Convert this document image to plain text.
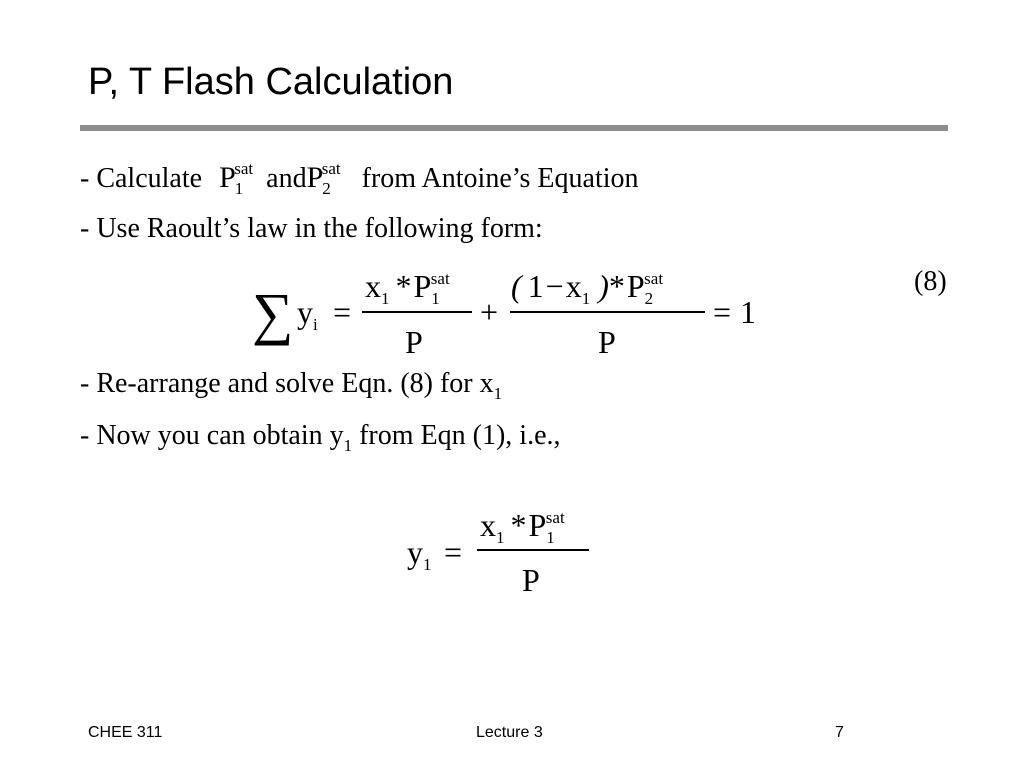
P, T Flash Calculation
- Calculate $P_1^{sat}$ andP$_2^{sat}$ from Antoine’s Equation
- Use Raoult’s law in the following form:
∑ $y_i$ =
$x_1$ $*P_1^{sat}$
P
+
( $1-x_1$ )$*P_2^{sat}$
P
= 1
(8)
- Re-arrange and solve Eqn. (8) for $x_1$
- Now you can obtain $y_1$ from Eqn (1), i.e.,
$y_1$ =
$x_1$ $*P_1^{sat}$
P
CHEE 311	Lecture 3	7
